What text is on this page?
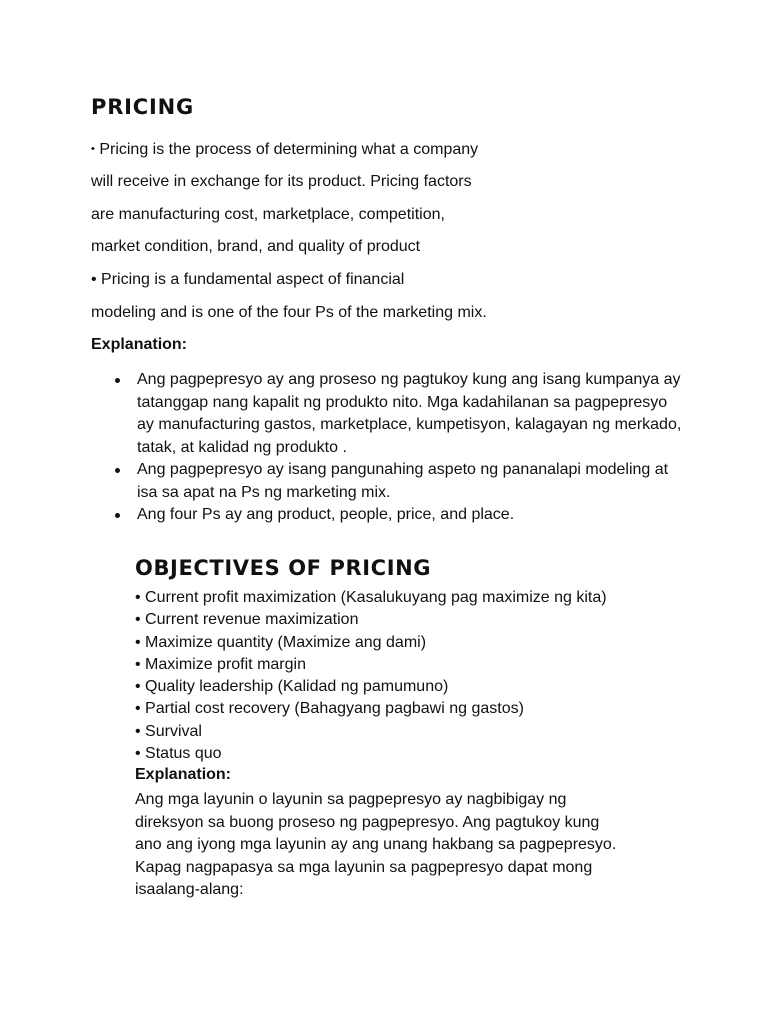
PRICING

• Pricing is the process of determining what a company

will receive in exchange for its product. Pricing factors

are manufacturing cost, marketplace, competition,

market condition, brand, and quality of product

• Pricing is a fundamental aspect of financial

modeling and is one of the four Ps of the marketing mix.

Explanation:

Ang pagpepresyo ay ang proseso ng pagtukoy kung ang isang kumpanya ay tatanggap nang kapalit ng produkto nito. Mga kadahilanan sa pagpepresyo ay manufacturing gastos, marketplace, kumpetisyon, kalagayan ng merkado, tatak, at kalidad ng produkto .
Ang pagpepresyo ay isang pangunahing aspeto ng pananalapi modeling at isa sa apat na Ps ng marketing mix.
Ang four Ps ay ang product, people, price, and place.
OBJECTIVES OF PRICING
• Current profit maximization (Kasalukuyang pag maximize ng kita)
• Current revenue maximization
• Maximize quantity (Maximize ang dami)
• Maximize profit margin
• Quality leadership (Kalidad ng pamumuno)
• Partial cost recovery (Bahagyang pagbawi ng gastos)
• Survival
• Status quo

Explanation:

Ang mga layunin o layunin sa pagpepresyo ay nagbibigay ng
direksyon sa buong proseso ng pagpepresyo. Ang pagtukoy kung
ano ang iyong mga layunin ay ang unang hakbang sa pagpepresyo.
Kapag nagpapasya sa mga layunin sa pagpepresyo dapat mong
isaalang-alang:
